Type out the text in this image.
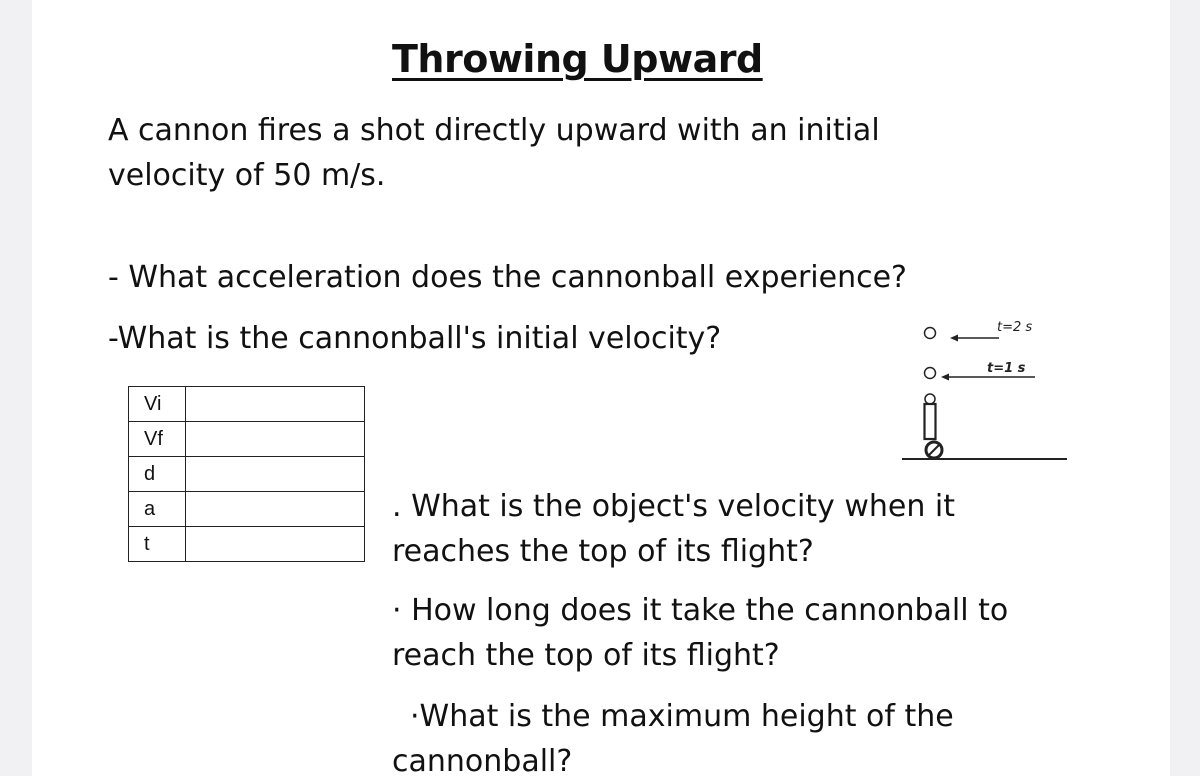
Throwing Upward
A cannon fires a shot directly upward with an initial
velocity of 50 m/s.
- What acceleration does the cannonball experience?
-What is the cannonball's initial velocity?
Vi	
Vf	
d	
a	
t	
t=2 s
t=1 s
. What is the object's velocity when it
reaches the top of its flight?
· How long does it take the cannonball to
reach the top of its flight?
·What is the maximum height of the
cannonball?
